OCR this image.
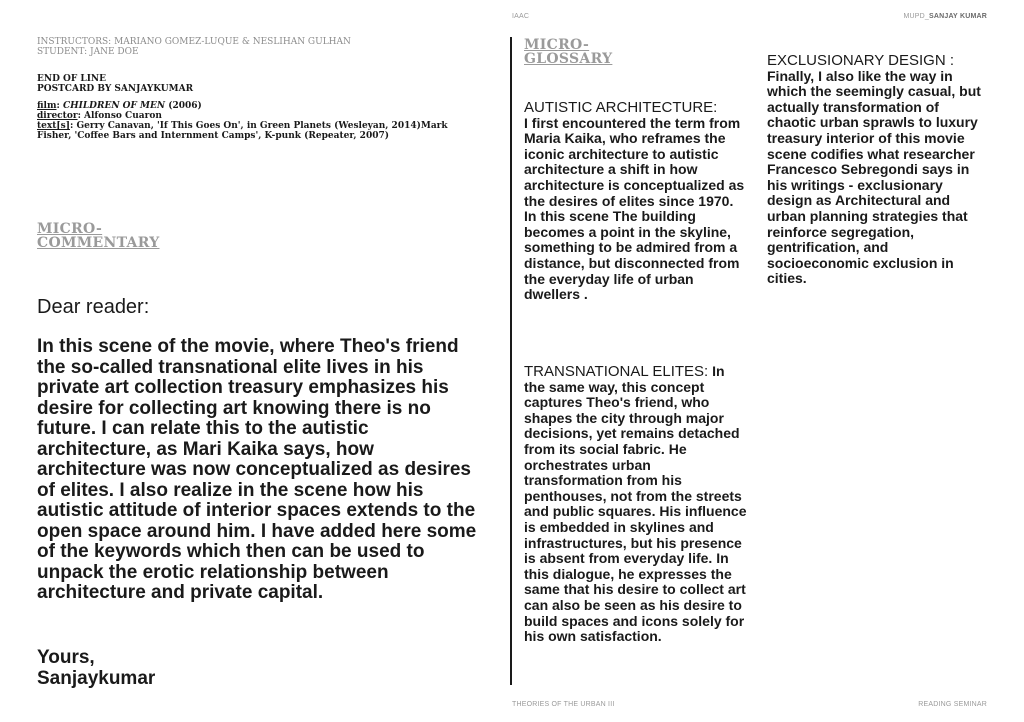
IAAC	MUPD_SANJAY KUMAR
THEORIES OF THE URBAN III	READING SEMINAR
INSTRUCTORS: MARIANO GOMEZ-LUQUE & NESLIHAN GULHAN
STUDENT: JANE DOE
END OF LINE
POSTCARD BY SANJAYKUMAR
film: CHILDREN OF MEN (2006)
director: Alfonso Cuaron
text[s]: Gerry Canavan, 'If This Goes On', in Green Planets (Wesleyan, 2014)Mark Fisher, 'Coffee Bars and Internment Camps', K-punk (Repeater, 2007)
MICRO-
COMMENTARY
Dear reader:
In this scene of the movie, where Theo's friend the so-called transnational elite lives in his private art collection treasury emphasizes his desire for collecting art knowing there is no future. I can relate this to the autistic architecture, as Mari Kaika says, how architecture was now conceptualized as desires of elites. I also realize in the scene how his autistic attitude of interior spaces extends to the open space around him. I have added here some of the keywords which then can be used to unpack the erotic relationship between architecture and private capital.
Yours,
Sanjaykumar
MICRO-
GLOSSARY
AUTISTIC ARCHITECTURE:
I first encountered the term from Maria Kaika, who reframes the iconic architecture to autistic architecture a shift in how architecture is conceptualized as the desires of elites since 1970. In this scene The building becomes a point in the skyline, something to be admired from a distance, but disconnected from the everyday life of urban dwellers .
TRANSNATIONAL ELITES: In the same way, this concept captures Theo's friend, who shapes the city through major decisions, yet remains detached from its social fabric. He orchestrates urban transformation from his penthouses, not from the streets and public squares. His influence is embedded in skylines and infrastructures, but his presence is absent from everyday life. In this dialogue, he expresses the same that his desire to collect art can also be seen as his desire to build spaces and icons solely for his own satisfaction.
EXCLUSIONARY DESIGN :
Finally, I also like the way in which the seemingly casual, but actually transformation of chaotic urban sprawls to luxury treasury interior of this movie scene codifies what researcher Francesco Sebregondi says in his writings - exclusionary design as Architectural and urban planning strategies that reinforce segregation, gentrification, and socioeconomic exclusion in cities.
